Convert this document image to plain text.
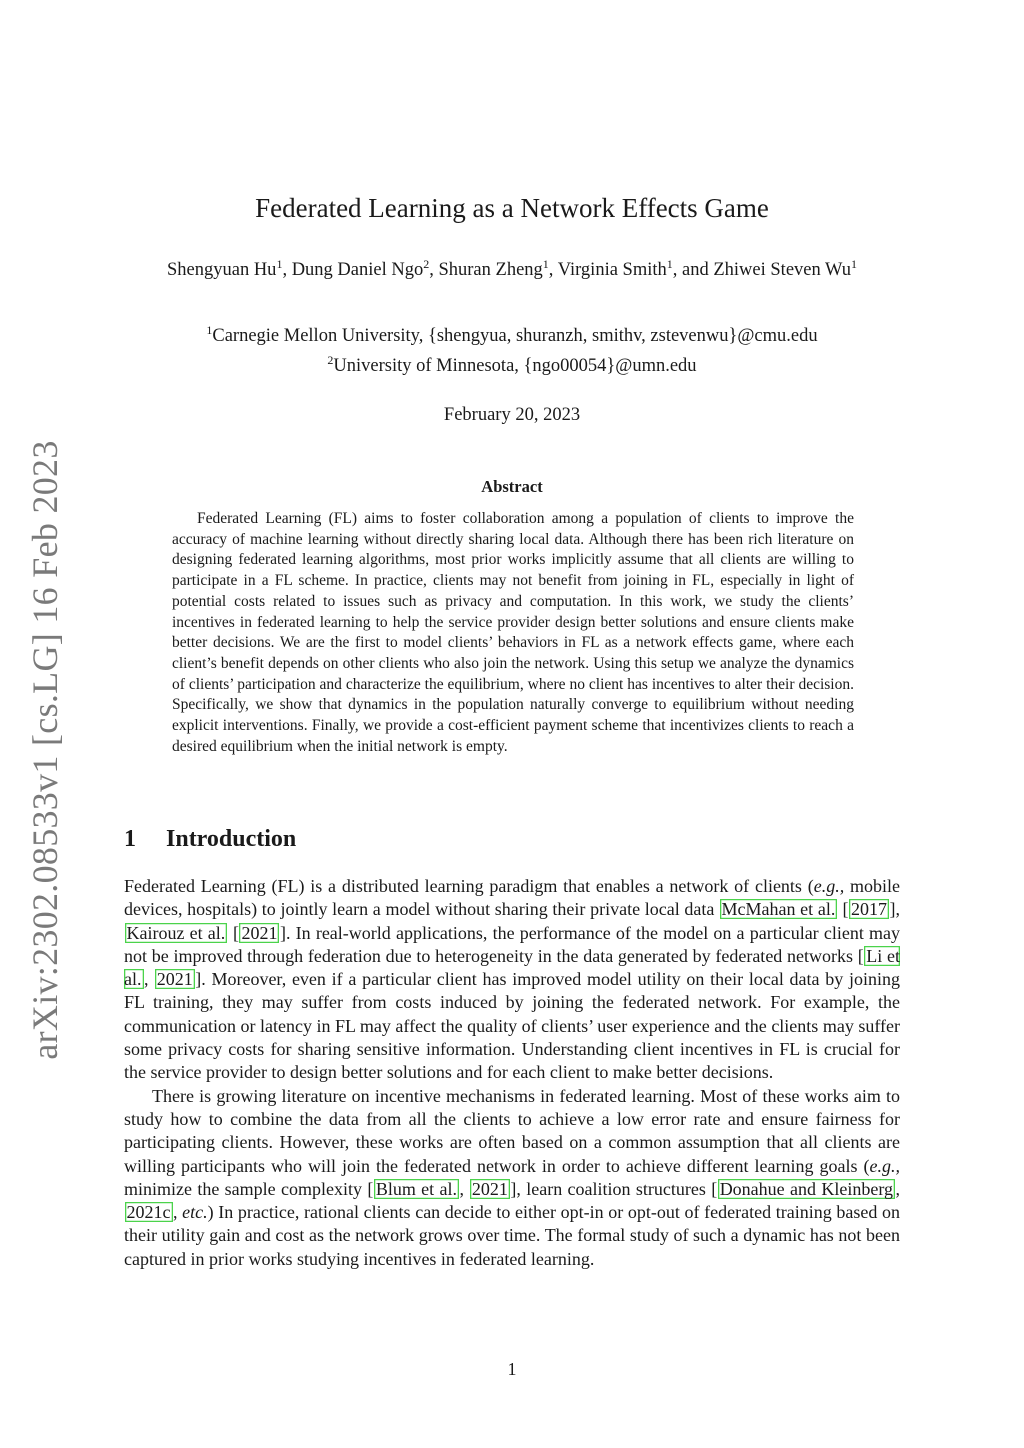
arXiv:2302.08533v1 [cs.LG] 16 Feb 2023
Federated Learning as a Network Effects Game
Shengyuan Hu$^1$, Dung Daniel Ngo$^2$, Shuran Zheng$^1$, Virginia Smith$^1$, and Zhiwei Steven Wu$^1$
$^1$Carnegie Mellon University, {shengyua, shuranzh, smithv, zstevenwu}@cmu.edu
$^2$University of Minnesota, {ngo00054}@umn.edu
February 20, 2023
Abstract

Federated Learning (FL) aims to foster collaboration among a population of clients to improve the accuracy of machine learning without directly sharing local data. Although there has been rich literature on designing federated learning algorithms, most prior works implicitly assume that all clients are willing to participate in a FL scheme. In practice, clients may not benefit from joining in FL, especially in light of potential costs related to issues such as privacy and computation. In this work, we study the clients’ incentives in federated learning to help the service provider design better solutions and ensure clients make better decisions. We are the first to model clients’ behaviors in FL as a network effects game, where each client’s benefit depends on other clients who also join the network. Using this setup we analyze the dynamics of clients’ participation and characterize the equilibrium, where no client has incentives to alter their decision. Specifically, we show that dynamics in the population naturally converge to equilibrium without needing explicit interventions. Finally, we provide a cost-efficient payment scheme that incentivizes clients to reach a desired equilibrium when the initial network is empty.

1 Introduction

Federated Learning (FL) is a distributed learning paradigm that enables a network of clients (e.g., mobile devices, hospitals) to jointly learn a model without sharing their private local data McMahan et al. [ 2017 ], Kairouz et al. [ 2021 ]. In real-world applications, the performance of the model on a particular client may not be improved through federation due to heterogeneity in the data generated by federated networks [ Li et al. , 2021 ]. Moreover, even if a particular client has improved model utility on their local data by joining FL training, they may suffer from costs induced by joining the federated network. For example, the communication or latency in FL may affect the quality of clients’ user experience and the clients may suffer some privacy costs for sharing sensitive information. Understanding client incentives in FL is crucial for the service provider to design better solutions and for each client to make better decisions.

There is growing literature on incentive mechanisms in federated learning. Most of these works aim to study how to combine the data from all the clients to achieve a low error rate and ensure fairness for participating clients. However, these works are often based on a common assumption that all clients are willing participants who will join the federated network in order to achieve different learning goals (e.g., minimize the sample complexity [ Blum et al. , 2021 ], learn coalition structures [ Donahue and Kleinberg , 2021c , etc.) In practice, rational clients can decide to either opt-in or opt-out of federated training based on their utility gain and cost as the network grows over time. The formal study of such a dynamic has not been captured in prior works studying incentives in federated learning.

1
